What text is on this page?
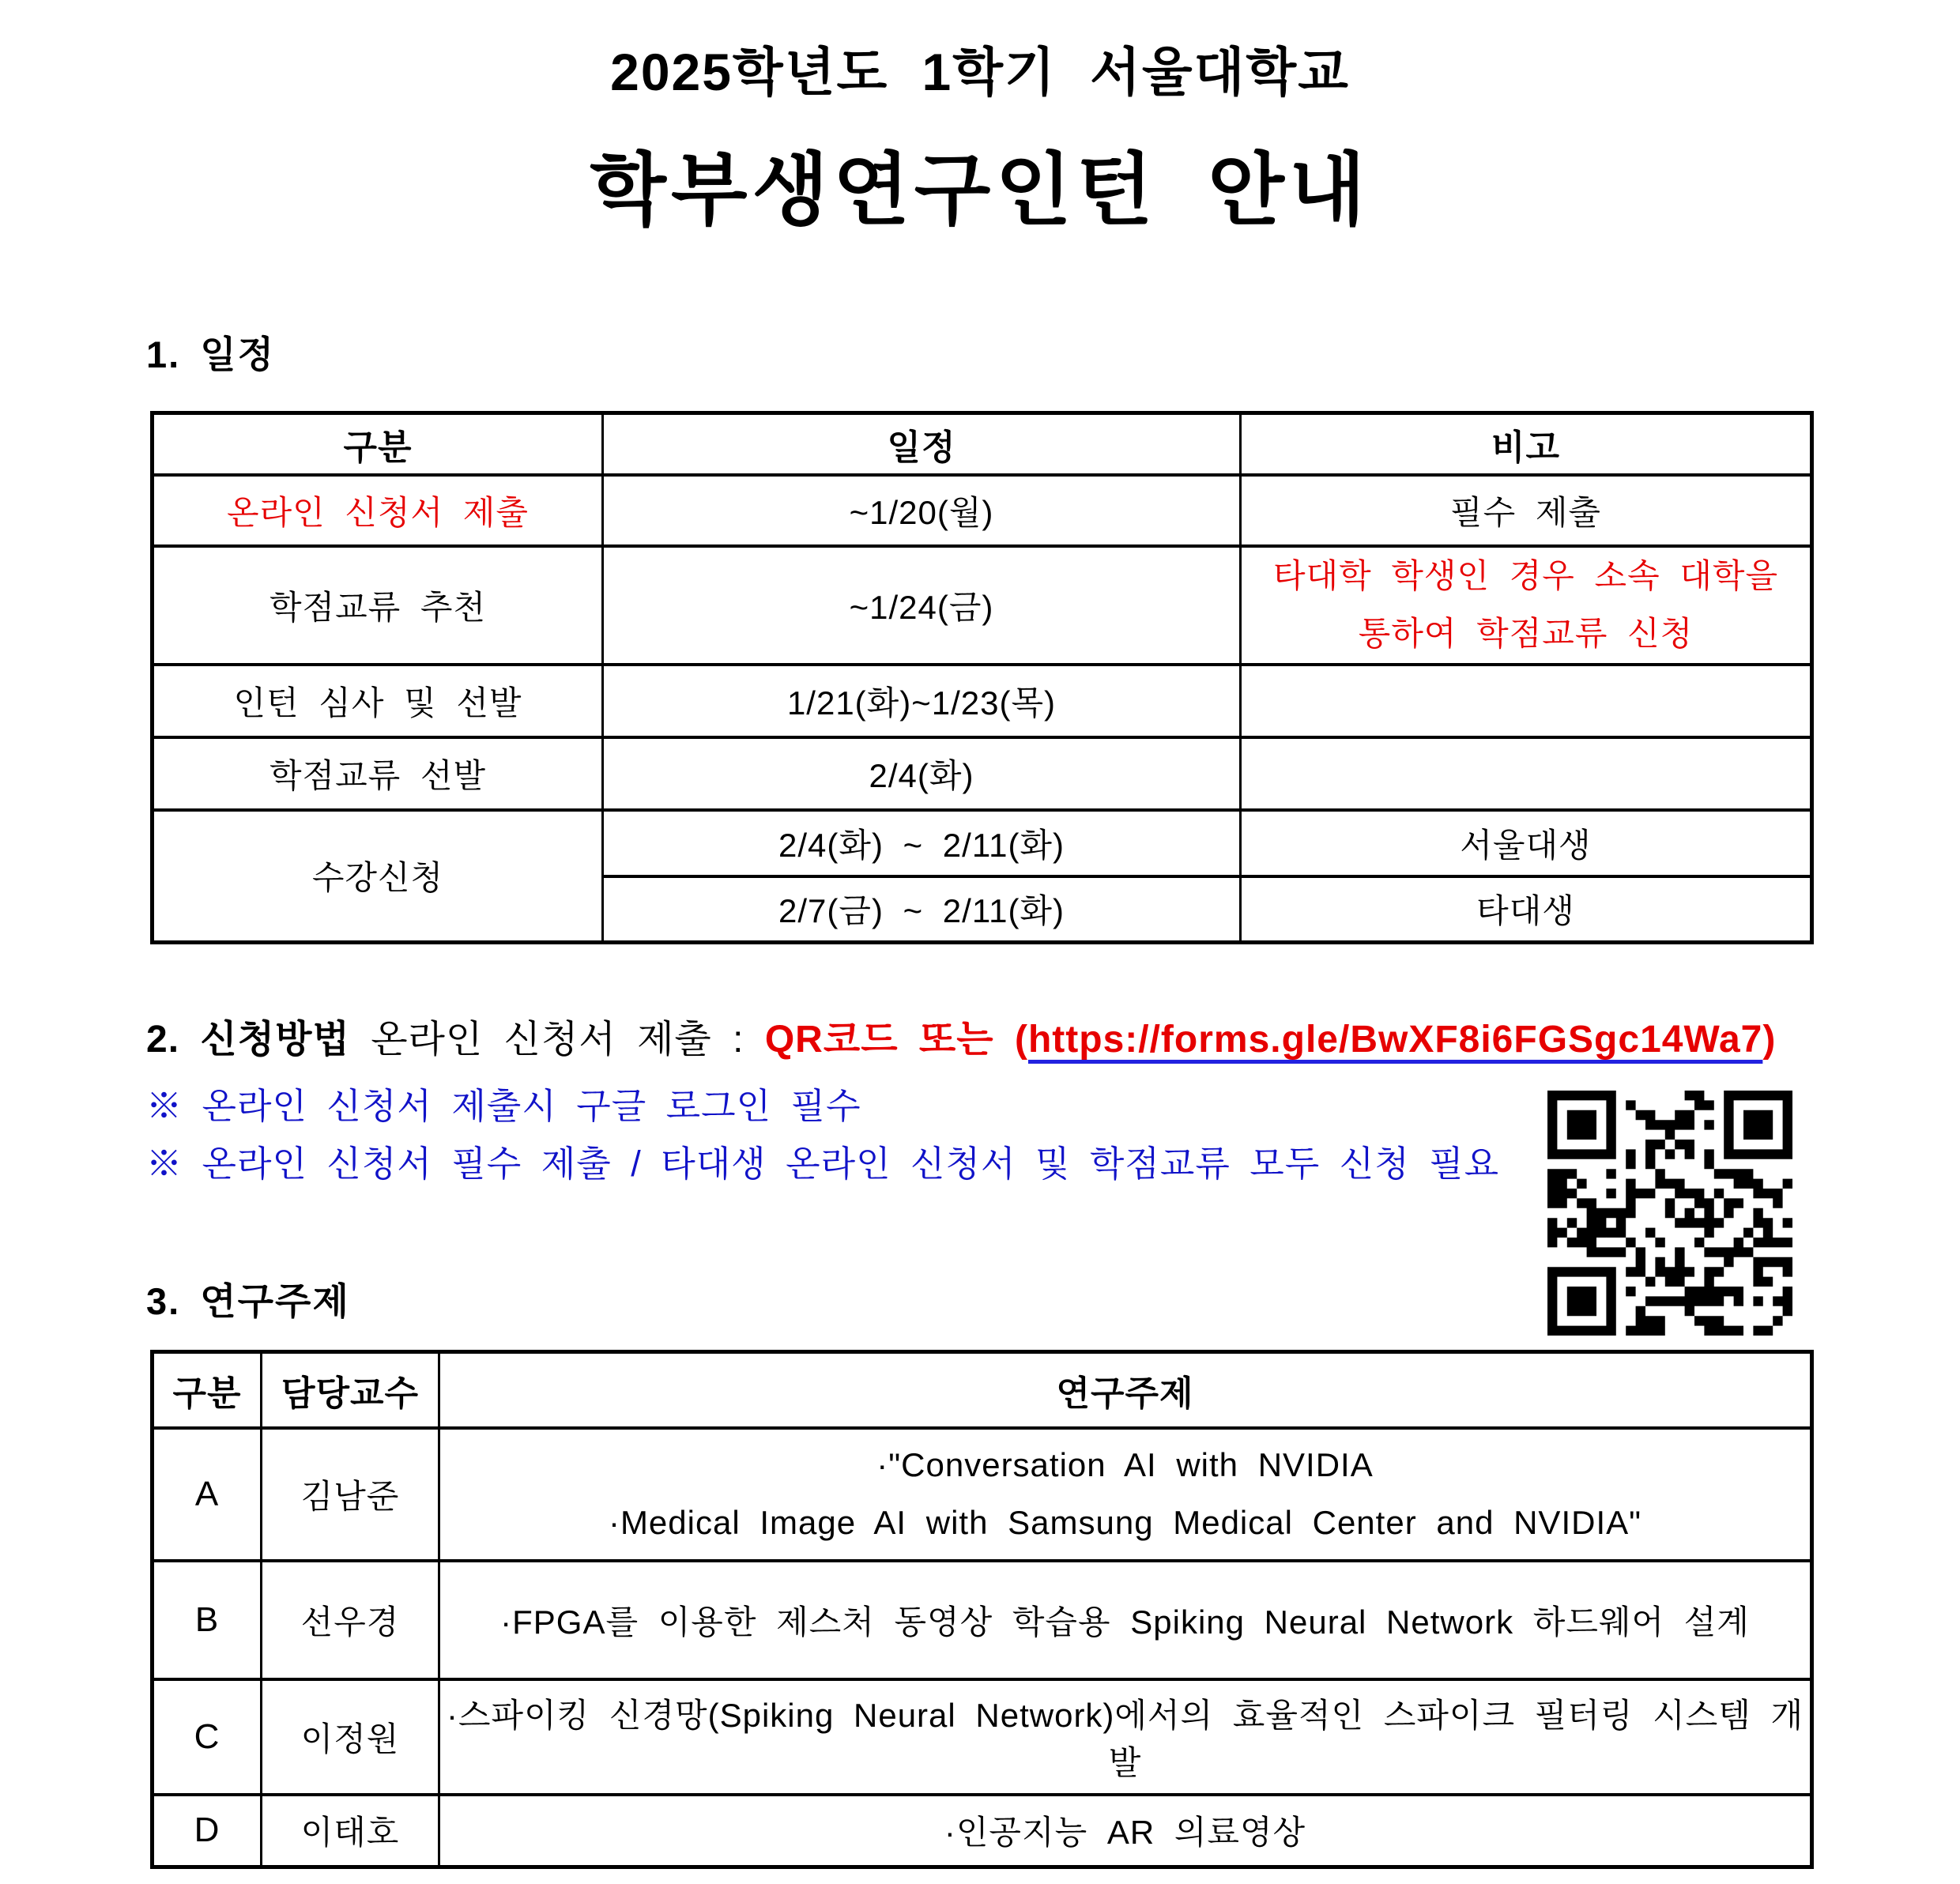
2025학년도 1학기 서울대학교
학부생연구인턴 안내
1. 일정
구분	일정	비고
온라인 신청서 제출	~1/20(월)	필수 제출
학점교류 추천	~1/24(금)	타대학 학생인 경우 소속 대학을
통하여 학점교류 신청

인턴 심사 및 선발	1/21(화)~1/23(목)	
학점교류 선발	2/4(화)	
수강신청	2/4(화) ~ 2/11(화)	서울대생
	2/7(금) ~ 2/11(화)	타대생
2. 신청방법 온라인 신청서 제출 : QR코드 또는 (https://forms.gle/BwXF8i6FGSgc14Wa7)
※ 온라인 신청서 제출시 구글 로그인 필수
※ 온라인 신청서 필수 제출 / 타대생 온라인 신청서 및 학점교류 모두 신청 필요
3. 연구주제
구분	담당교수	연구주제
A	김남준	·"Conversation AI with NVIDIA
·Medical Image AI with Samsung Medical Center and NVIDIA"

B	선우경	·FPGA를 이용한 제스처 동영상 학습용 Spiking Neural Network 하드웨어 설계
C	이정원	·스파이킹 신경망(Spiking Neural Network)에서의 효율적인 스파이크 필터링 시스템 개발
D	이태호	·인공지능 AR 의료영상
